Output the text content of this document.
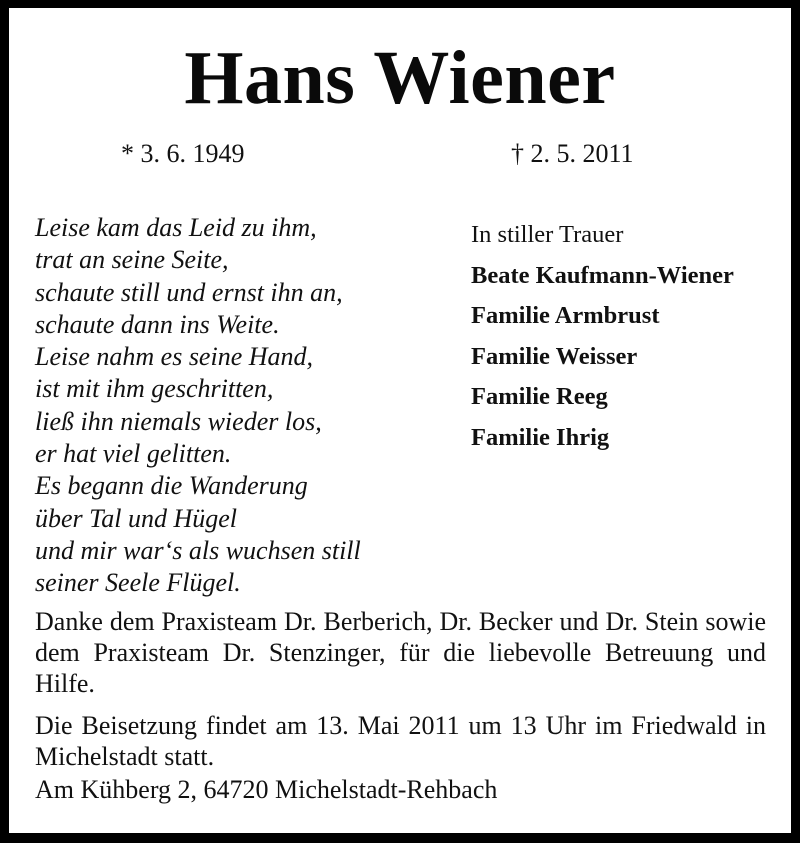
Hans Wiener
* 3. 6. 1949	† 2. 5. 2011
Leise kam das Leid zu ihm,
trat an seine Seite,
schaute still und ernst ihn an,
schaute dann ins Weite.
Leise nahm es seine Hand,
ist mit ihm geschritten,
ließ ihn niemals wieder los,
er hat viel gelitten.
Es begann die Wanderung
über Tal und Hügel
und mir war‘s als wuchsen still
seiner Seele Flügel.
In stiller Trauer
Beate Kaufmann-Wiener
Familie Armbrust
Familie Weisser
Familie Reeg
Familie Ihrig
Danke dem Praxisteam Dr. Berberich, Dr. Becker und Dr. Stein sowie dem Praxisteam Dr. Stenzinger, für die liebevolle Betreuung und Hilfe.
Die Beisetzung findet am 13. Mai 2011 um 13 Uhr im Friedwald in Michelstadt statt.
Am Kühberg 2, 64720 Michelstadt-Rehbach
